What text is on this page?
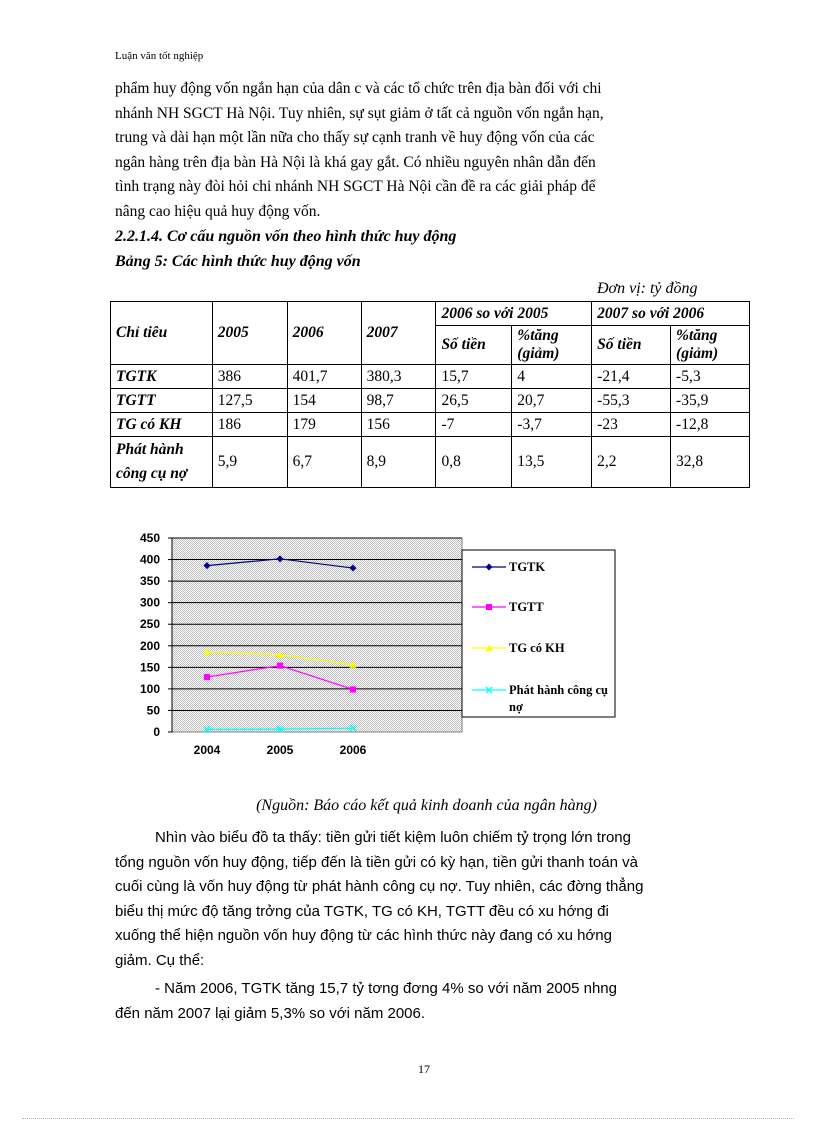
Luận văn tốt nghiệp
phẩm huy động vốn ngắn hạn của dân c và các tổ chức trên địa bàn đối với chi
nhánh NH SGCT Hà Nội. Tuy nhiên, sự sụt giảm ở tất cả nguồn vốn ngắn hạn,
trung và dài hạn một lần nữa cho thấy sự cạnh tranh về huy động vốn của các
ngân hàng trên địa bàn Hà Nội là khá gay gắt. Có nhiều nguyên nhân dẫn đến
tình trạng này đòi hỏi chi nhánh NH SGCT Hà Nội cần đề ra các giải pháp để
nâng cao hiệu quả huy động vốn.
2.2.1.4. Cơ cấu nguồn vốn theo hình thức huy động
Bảng 5: Các hình thức huy động vốn
Đơn vị: tỷ đồng
Chỉ tiêu	2005	2006	2007	2006 so với 2005		2007 so với 2006	
				Số tiền	%tăng (giảm)	Số tiền	%tăng (giảm)
TGTK	386	401,7	380,3	15,7	4	-21,4	-5,3
TGTT	127,5	154	98,7	26,5	20,7	-55,3	-35,9
TG có KH	186	179	156	-7	-3,7	-23	-12,8
Phát hành công cụ nợ	5,9	6,7	8,9	0,8	13,5	2,2	32,8
0
50
100
150
200
250
300
350
400
450
2004	2005	2006
TGTK
TGTT
TG có KH
Phát hành công cụ nợ
(Nguồn: Báo cáo kết quả kinh doanh của ngân hàng)
Nhìn vào biểu đồ ta thấy: tiền gửi tiết kiệm luôn chiếm tỷ trọng lớn trong
tổng nguồn vốn huy động, tiếp đến là tiền gửi có kỳ hạn, tiền gửi thanh toán và
cuối cùng là vốn huy động từ phát hành công cụ nợ. Tuy nhiên, các đờng thẳng
biểu thị mức độ tăng trởng của TGTK, TG có KH, TGTT đều có xu hớng đi
xuống thể hiện nguồn vốn huy động từ các hình thức này đang có xu hớng
giảm. Cụ thể:
- Năm 2006, TGTK tăng 15,7 tỷ tơng đơng 4% so với năm 2005 nhng
đến năm 2007 lại giảm 5,3% so với năm 2006.
17
